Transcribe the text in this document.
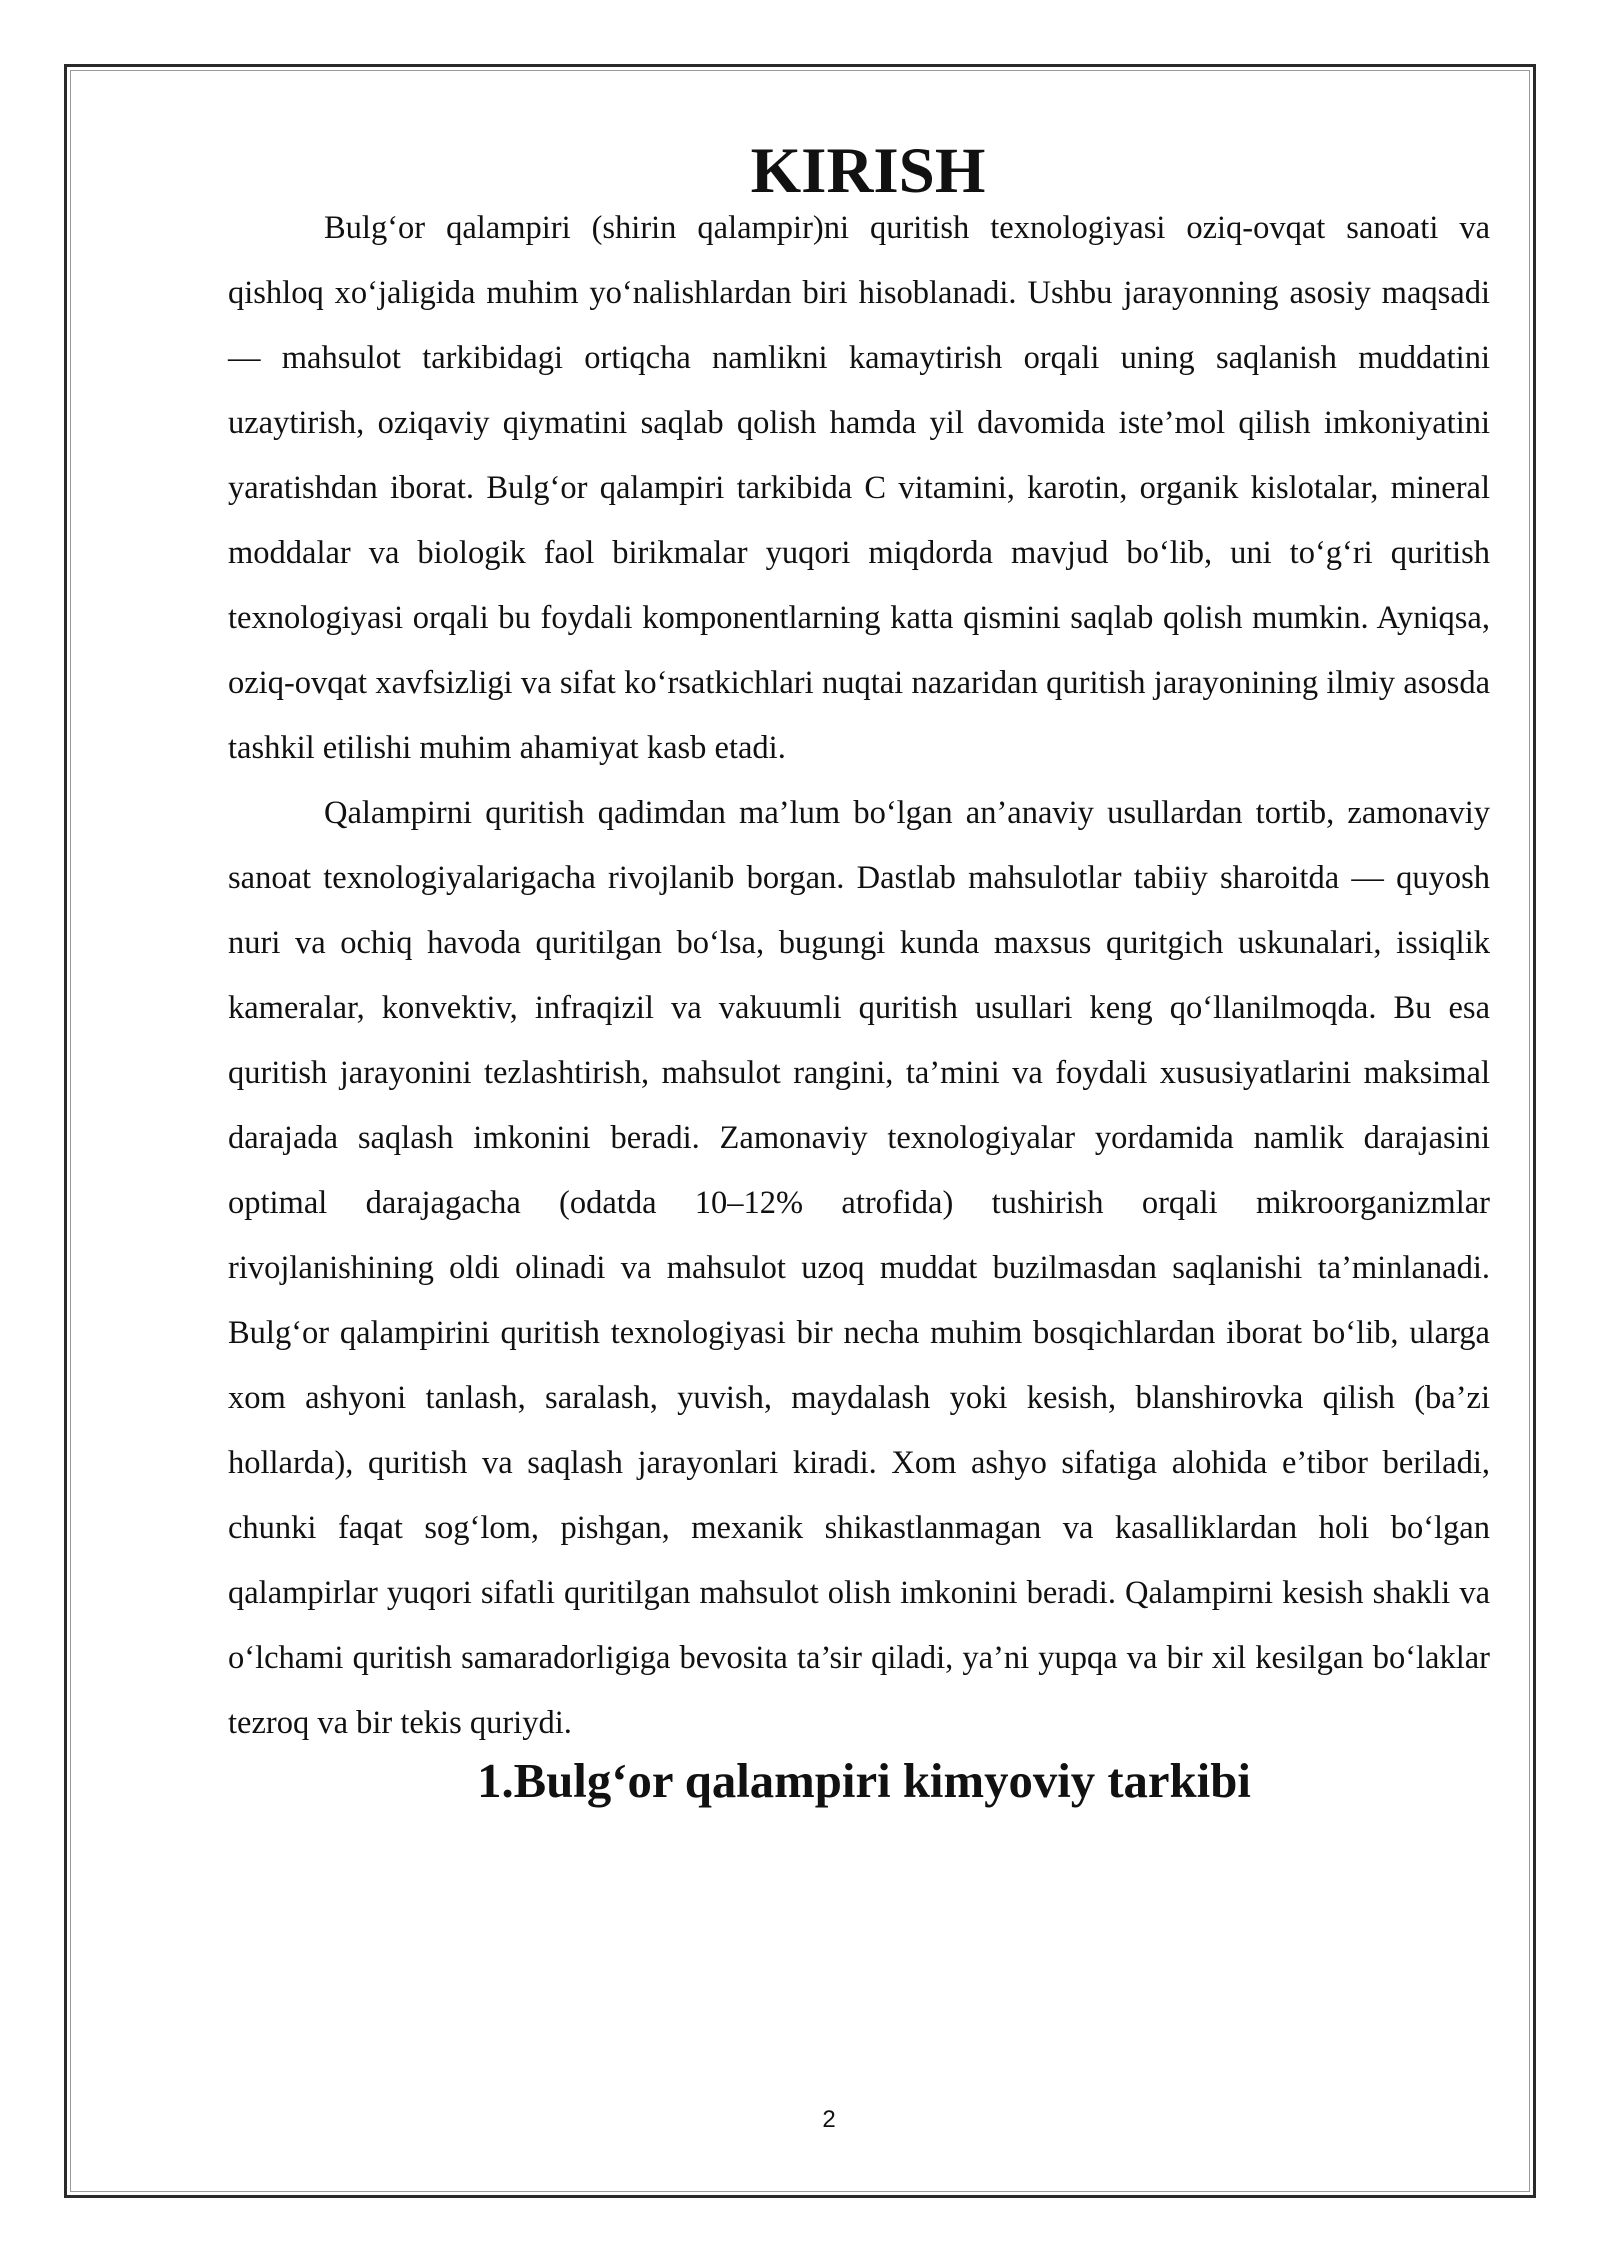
KIRISH

Bulg‘or qalampiri (shirin qalampir)ni quritish texnologiyasi oziq-ovqat sanoati va qishloq xo‘jaligida muhim yo‘nalishlardan biri hisoblanadi. Ushbu jarayonning asosiy maqsadi — mahsulot tarkibidagi ortiqcha namlikni kamaytirish orqali uning saqlanish muddatini uzaytirish, oziqaviy qiymatini saqlab qolish hamda yil davomida iste’mol qilish imkoniyatini yaratishdan iborat. Bulg‘or qalampiri tarkibida C vitamini, karotin, organik kislotalar, mineral moddalar va biologik faol birikmalar yuqori miqdorda mavjud bo‘lib, uni to‘g‘ri quritish texnologiyasi orqali bu foydali komponentlarning katta qismini saqlab qolish mumkin. Ayniqsa, oziq-ovqat xavfsizligi va sifat ko‘rsatkichlari nuqtai nazaridan quritish jarayonining ilmiy asosda tashkil etilishi muhim ahamiyat kasb etadi.

Qalampirni quritish qadimdan ma’lum bo‘lgan an’anaviy usullardan tortib, zamonaviy sanoat texnologiyalarigacha rivojlanib borgan. Dastlab mahsulotlar tabiiy sharoitda — quyosh nuri va ochiq havoda quritilgan bo‘lsa, bugungi kunda maxsus quritgich uskunalari, issiqlik kameralar, konvektiv, infraqizil va vakuumli quritish usullari keng qo‘llanilmoqda. Bu esa quritish jarayonini tezlashtirish, mahsulot rangini, ta’mini va foydali xususiyatlarini maksimal darajada saqlash imkonini beradi. Zamonaviy texnologiyalar yordamida namlik darajasini optimal darajagacha (odatda 10–12% atrofida) tushirish orqali mikroorganizmlar rivojlanishining oldi olinadi va mahsulot uzoq muddat buzilmasdan saqlanishi ta’minlanadi. Bulg‘or qalampirini quritish texnologiyasi bir necha muhim bosqichlardan iborat bo‘lib, ularga xom ashyoni tanlash, saralash, yuvish, maydalash yoki kesish, blanshirovka qilish (ba’zi hollarda), quritish va saqlash jarayonlari kiradi. Xom ashyo sifatiga alohida e’tibor beriladi, chunki faqat sog‘lom, pishgan, mexanik shikastlanmagan va kasalliklardan holi bo‘lgan qalampirlar yuqori sifatli quritilgan mahsulot olish imkonini beradi. Qalampirni kesish shakli va o‘lchami quritish samaradorligiga bevosita ta’sir qiladi, ya’ni yupqa va bir xil kesilgan bo‘laklar tezroq va bir tekis quriydi.

1.Bulg‘or qalampiri kimyoviy tarkibi
2
